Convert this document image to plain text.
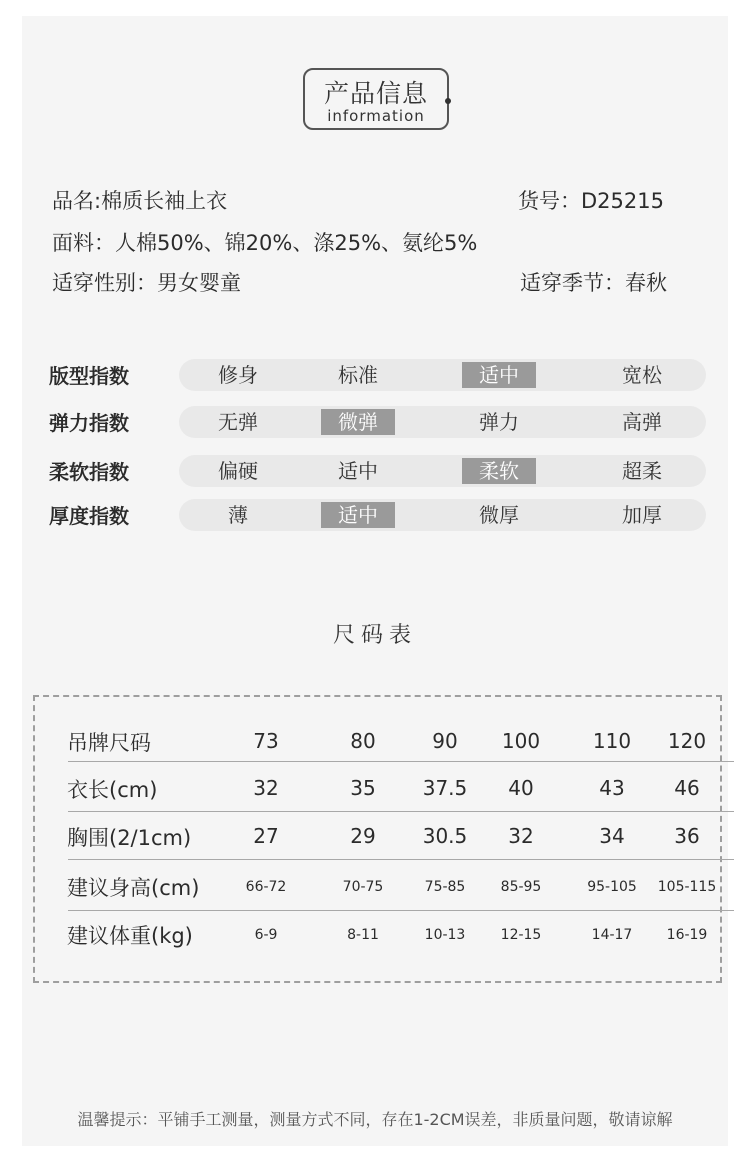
产品信息
information
品名:棉质长袖上衣	货号：D25215
面料：人棉50%、锦20%、涤25%、氨纶5%
适穿性别：男女婴童	适穿季节：春秋
版型指数	修身	标准	适中	宽松
弹力指数	无弹	微弹	弹力	高弹
柔软指数	偏硬	适中	柔软	超柔
厚度指数	薄	适中	微厚	加厚
尺码表
吊牌尺码	73	80	90	100	110	120
衣长(cm)	32	35	37.5	40	43	46
胸围(2/1cm)	27	29	30.5	32	34	36
建议身高(cm)	66-72	70-75	75-85	85-95	95-105	105-115
建议体重(kg)	6-9	8-11	10-13	12-15	14-17	16-19
温馨提示：平铺手工测量，测量方式不同，存在1-2CM误差，非质量问题，敬请谅解
